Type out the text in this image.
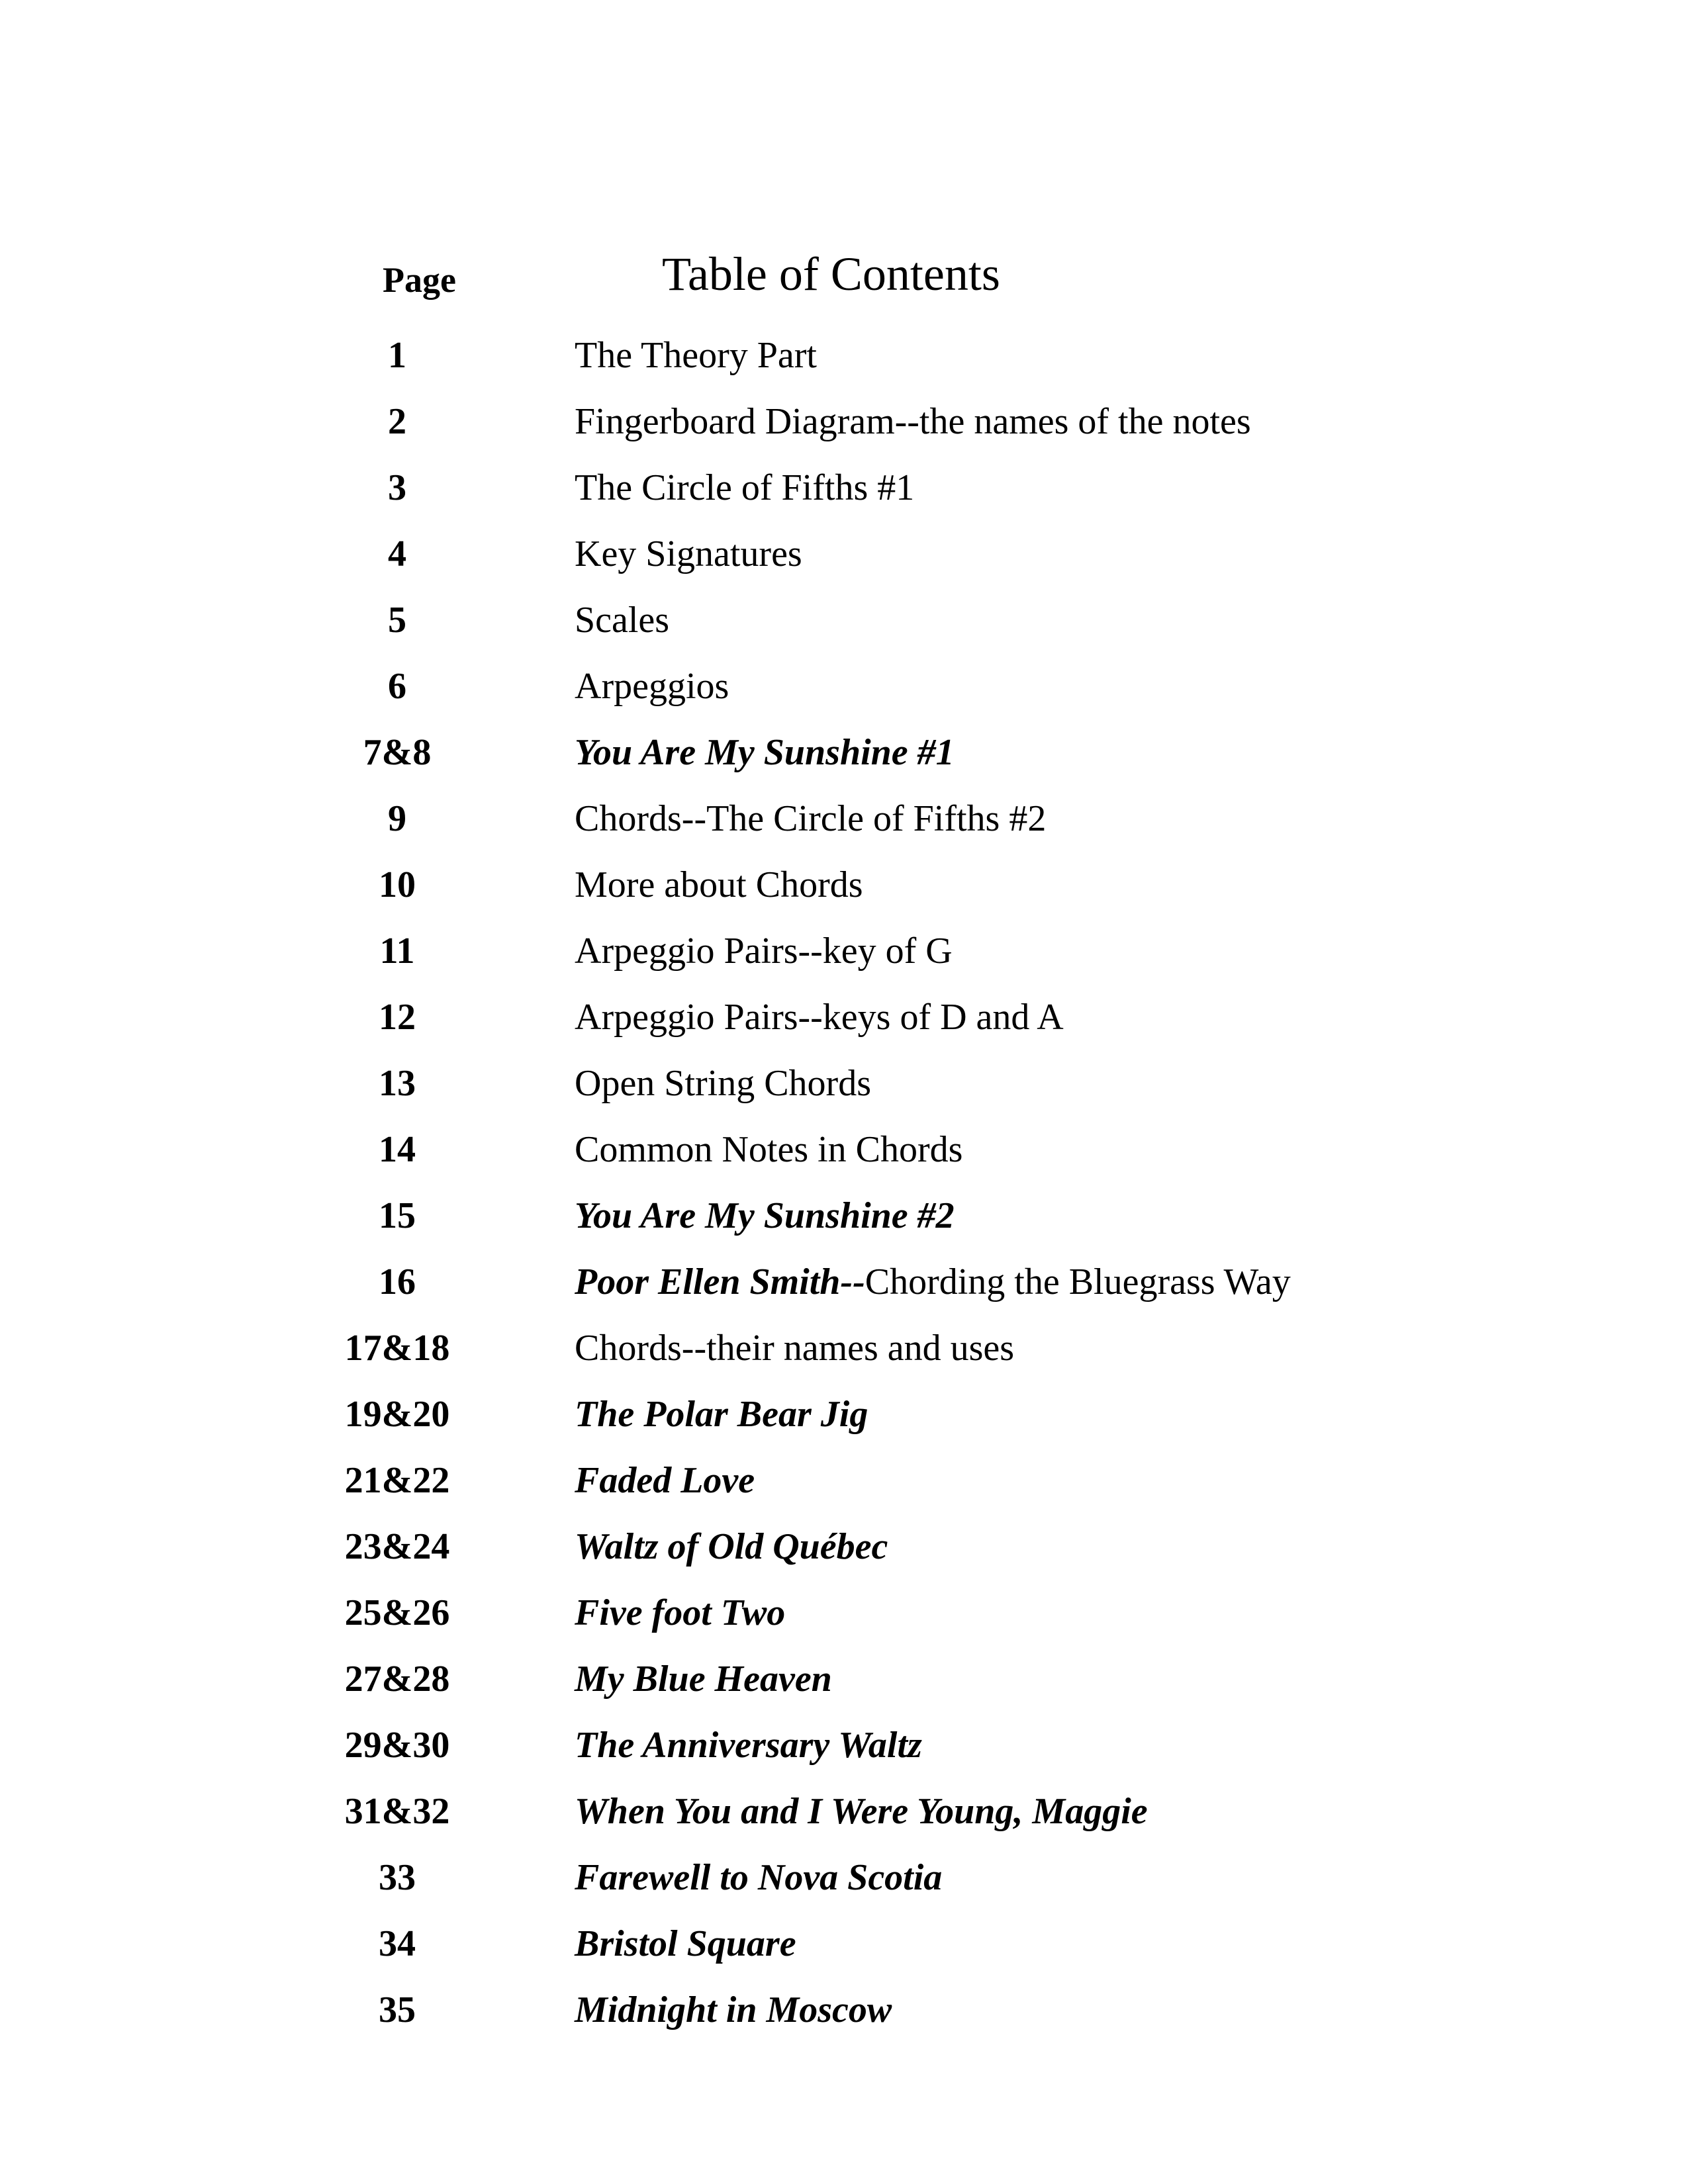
Page	Table of Contents
1	The Theory Part
2	Fingerboard Diagram--the names of the notes
3	The Circle of Fifths #1
4	Key Signatures
5	Scales
6	Arpeggios
7&8	You Are My Sunshine #1
9	Chords--The Circle of Fifths #2
10	More about Chords
11	Arpeggio Pairs--key of G
12	Arpeggio Pairs--keys of D and A
13	Open String Chords
14	Common Notes in Chords
15	You Are My Sunshine #2
16	Poor Ellen Smith--Chording the Bluegrass Way
17&18	Chords--their names and uses
19&20	The Polar Bear Jig
21&22	Faded Love
23&24	Waltz of Old Québec
25&26	Five foot Two
27&28	My Blue Heaven
29&30	The Anniversary Waltz
31&32	When You and I Were Young, Maggie
33	Farewell to Nova Scotia
34	Bristol Square
35	Midnight in Moscow
